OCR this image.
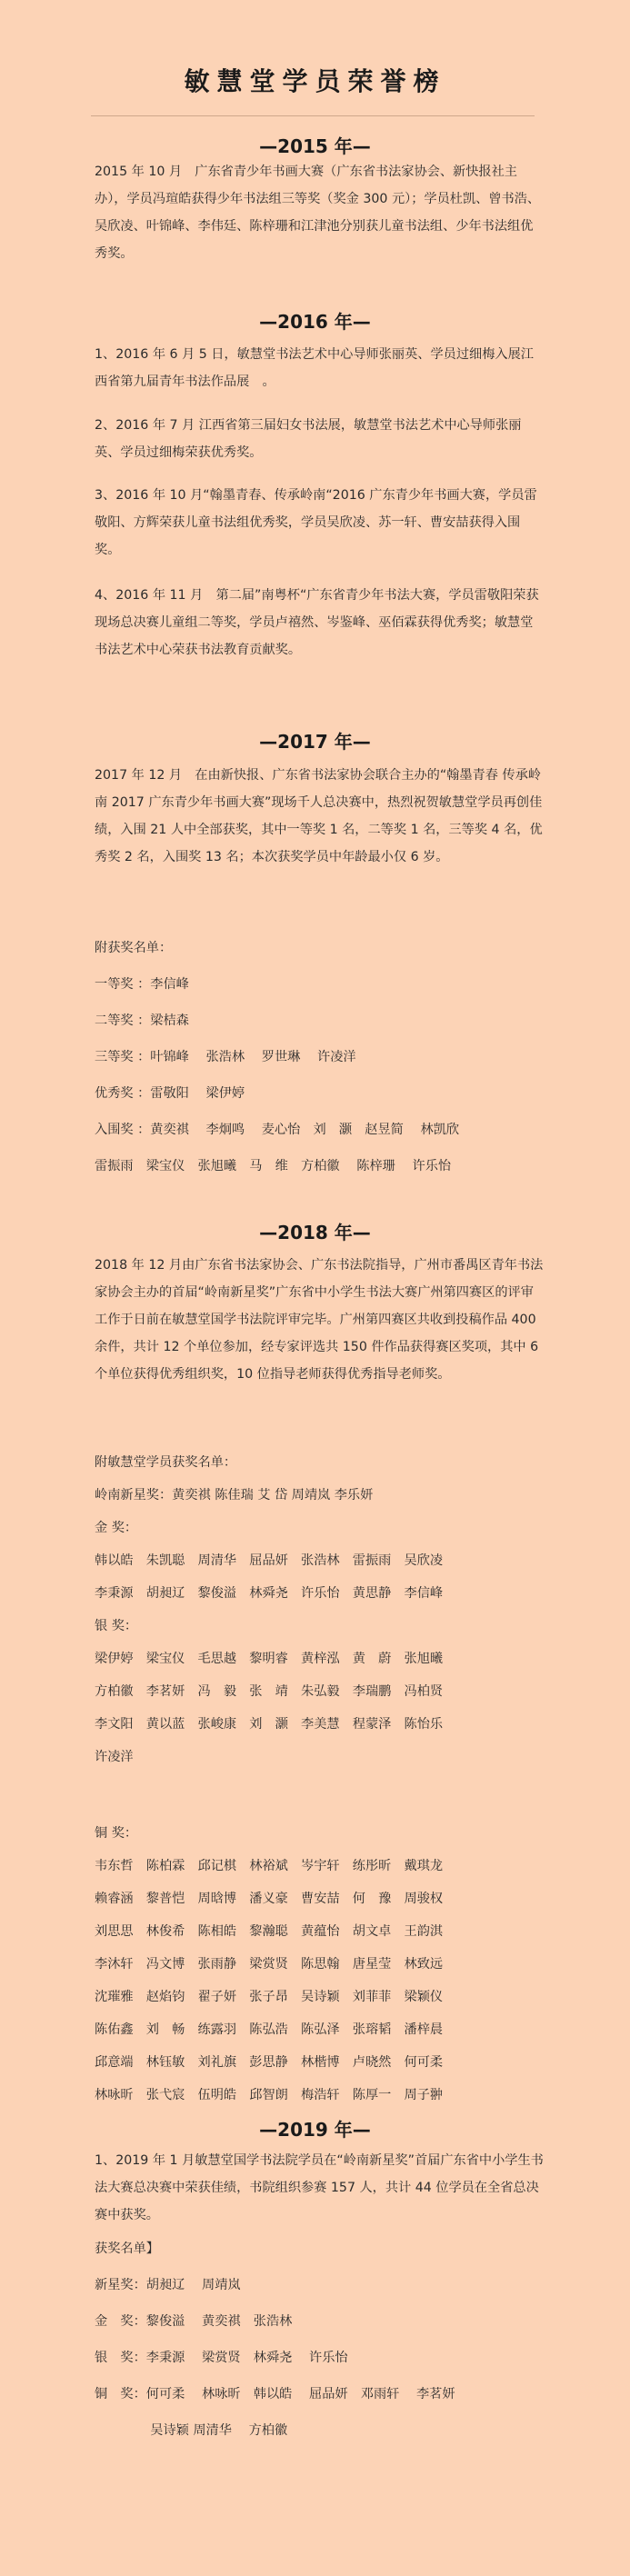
敏慧堂学员荣誉榜
—2015 年—
2015 年 10 月　广东省青少年书画大赛（广东省书法家协会、新快报社主办），学员冯瑄皓获得少年书法组三等奖（奖金 300 元）；学员杜凯、曾书浩、吴欣凌、叶锦峰、李伟廷、陈梓珊和江津池分别获儿童书法组、少年书法组优秀奖。
—2016 年—
1、2016 年 6 月 5 日，敏慧堂书法艺术中心导师张丽英、学员过细梅入展江西省第九届青年书法作品展　。
2、2016 年 7 月 江西省第三届妇女书法展，敏慧堂书法艺术中心导师张丽英、学员过细梅荣获优秀奖。
3、2016 年 10 月“翰墨青春、传承岭南“2016 广东青少年书画大赛，学员雷敬阳、方辉荣获儿童书法组优秀奖，学员吴欣凌、苏一轩、曹安喆获得入围奖。
4、2016 年 11 月　第二届”南粤杯“广东省青少年书法大赛，学员雷敬阳荣获现场总决赛儿童组二等奖，学员卢禧然、岑鉴峰、巫佰霖获得优秀奖；敏慧堂书法艺术中心荣获书法教育贡献奖。
—2017 年—
2017 年 12 月　在由新快报、广东省书法家协会联合主办的“翰墨青春 传承岭南 2017 广东青少年书画大赛”现场千人总决赛中，热烈祝贺敏慧堂学员再创佳绩，入围 21 人中全部获奖，其中一等奖 1 名，二等奖 1 名，三等奖 4 名，优秀奖 2 名，入围奖 13 名；本次获奖学员中年龄最小仅 6 岁。
附获奖名单：
一等奖 ：李信峰
二等奖 ：梁桔森
三等奖 ：叶锦峰　 张浩林　 罗世琳　 许凌洋
优秀奖 ：雷敬阳　 梁伊婷
入围奖 ：黄奕祺　 李炯鸣　 麦心怡　刘　灏　赵昱简　 林凯欣
雷振雨　梁宝仪　张旭曦　马　维　方柏徽　 陈梓珊　 许乐怡
—2018 年—
2018 年 12 月由广东省书法家协会、广东书法院指导，广州市番禺区青年书法家协会主办的首届“岭南新星奖”广东省中小学生书法大赛广州第四赛区的评审工作于日前在敏慧堂国学书法院评审完毕。广州第四赛区共收到投稿作品 400 余件，共计 12 个单位参加，经专家评选共 150 件作品获得赛区奖项，其中 6 个单位获得优秀组织奖，10 位指导老师获得优秀指导老师奖。
附敏慧堂学员获奖名单：
岭南新星奖：黄奕祺 陈佳瑞 艾 岱 周靖岚 李乐妍
金 奖：
韩以皓　朱凯聪　周清华　屈品妍　张浩林　雷振雨　吴欣凌
李秉源　胡昶辽　黎俊溢　林舜尧　许乐怡　黄思静　李信峰
银 奖：
梁伊婷　梁宝仪　毛思越　黎明睿　黄梓泓　黄　蔚　张旭曦
方柏徽　李茗妍　冯　毅　张　靖　朱弘毅　李瑞鹏　冯柏贤
李文阳　黄以蓝　张峻康　刘　灏　李美慧　程蒙泽　陈怡乐
许凌洋
铜 奖：
韦东哲　陈柏霖　邱记棋　林裕斌　岑宇轩　练彤昕　戴琪龙
赖睿涵　黎普恺　周晗博　潘义豪　曹安喆　何　豫　周骏权
刘思思　林俊希　陈相皓　黎瀚聪　黄蕴怡　胡文卓　王韵淇
李沐轩　冯文博　张雨静　梁赏贤　陈思翰　唐星莹　林致远
沈璀雅　赵焰钧　翟子妍　张子昂　吴诗颖　刘菲菲　梁颖仪
陈佑鑫　刘　畅　练露羽　陈弘浩　陈弘泽　张瑢韬　潘梓晨
邱意端　林钰敏　刘礼旗　彭思静　林楷博　卢晓然　何可柔
林咏昕　张弋宸　伍明皓　邱智朗　梅浩轩　陈厚一　周子翀
—2019 年—
1、2019 年 1 月敏慧堂国学书法院学员在“岭南新星奖”首届广东省中小学生书法大赛总决赛中荣获佳绩，书院组织参赛 157 人，共计 44 位学员在全省总决赛中获奖。
获奖名单】
新星奖：胡昶辽　 周靖岚
金　奖：黎俊溢　 黄奕祺　张浩林
银　奖：李秉源　 梁赏贤　林舜尧　 许乐怡
铜　奖：何可柔　 林咏昕　韩以皓　 屈品妍　邓雨轩　 李茗妍
　　　　 吴诗颖 周清华　 方柏徽
